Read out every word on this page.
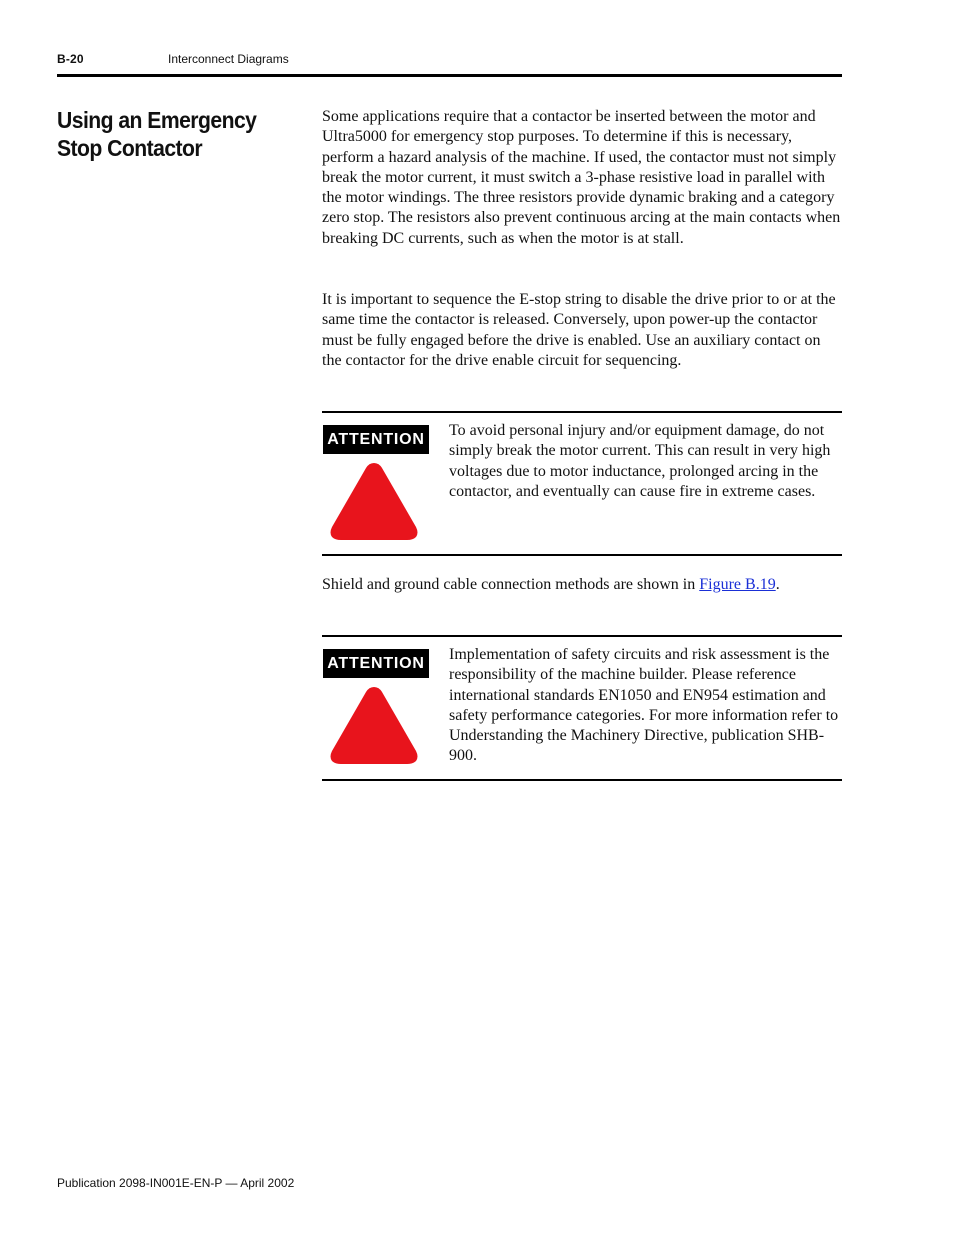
B-20	Interconnect Diagrams
Using an Emergency Stop Contactor

Some applications require that a contactor be inserted between the motor and Ultra5000 for emergency stop purposes. To determine if this is necessary, perform a hazard analysis of the machine. If used, the contactor must not simply break the motor current, it must switch a 3-phase resistive load in parallel with the motor windings. The three resistors provide dynamic braking and a category zero stop. The resistors also prevent continuous arcing at the main contacts when breaking DC currents, such as when the motor is at stall.

It is important to sequence the E-stop string to disable the drive prior to or at the same time the contactor is released. Conversely, upon power-up the contactor must be fully engaged before the drive is enabled. Use an auxiliary contact on the contactor for the drive enable circuit for sequencing.

ATTENTION

To avoid personal injury and/or equipment damage, do not simply break the motor current. This can result in very high voltages due to motor inductance, prolonged arcing in the contactor, and eventually can cause fire in extreme cases.

Shield and ground cable connection methods are shown in Figure B.19.

ATTENTION

Implementation of safety circuits and risk assessment is the responsibility of the machine builder. Please reference international standards EN1050 and EN954 estimation and safety performance categories. For more information refer to Understanding the Machinery Directive, publication SHB-900.

Publication 2098-IN001E-EN-P — April 2002
